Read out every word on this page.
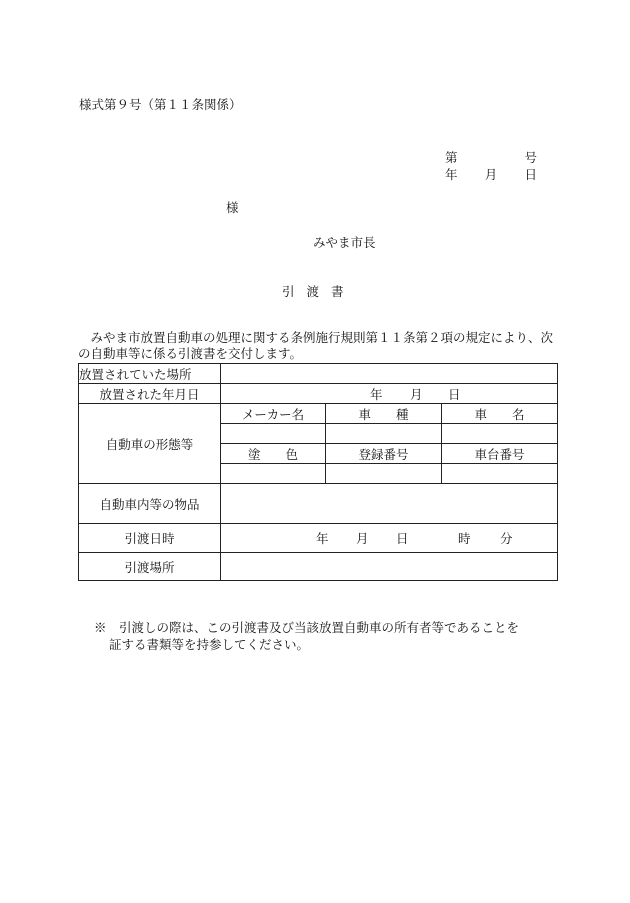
様式第９号（第１１条関係）
第	号
年 月 日
様
みやま市長
引渡書
　みやま市放置自動車の処理に関する条例施行規則第１１条第２項の規定により、次の自動車等に係る引渡書を交付します。
放置されていた場所			
放置された年月日	年 月 日		

自動車の形態等	メーカー名	車　　 種	車　　 名

	塗　　 色	登録番号	車台番号

自動車内等の物品			
引渡日時	年 月 日 時 分		

引渡場所			
※　 引渡しの際は、この引渡書及び当該放置自動車の所有者等であることを
証する書類等を持参してください。
